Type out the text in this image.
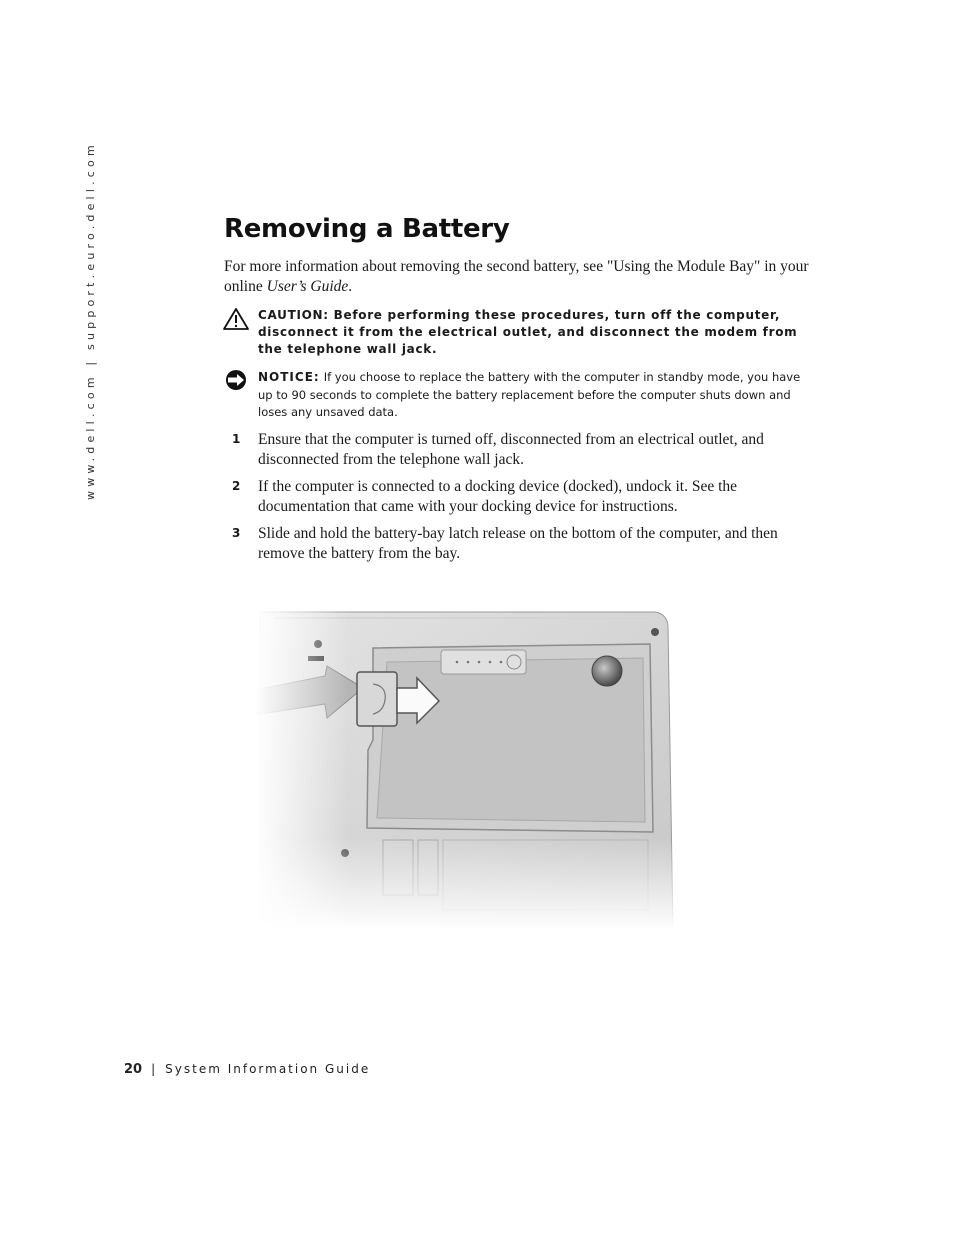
www.dell.com | support.euro.dell.com	Removing a Battery

For more information about removing the second battery, see "Using the Module Bay" in your online User’s Guide.

CAUTION: Before performing these procedures, turn off the computer, disconnect it from the electrical outlet, and disconnect the modem from the telephone wall jack.
NOTICE: If you choose to replace the battery with the computer in standby mode, you have up to 90 seconds to complete the battery replacement before the computer shuts down and loses any unsaved data.
1 Ensure that the computer is turned off, disconnected from an electrical outlet, and disconnected from the telephone wall jack.
2 If the computer is connected to a docking device (docked), undock it. See the documentation that came with your docking device for instructions.
3 Slide and hold the battery-bay latch release on the bottom of the computer, and then remove the battery from the bay.
20 | System Information Guide
